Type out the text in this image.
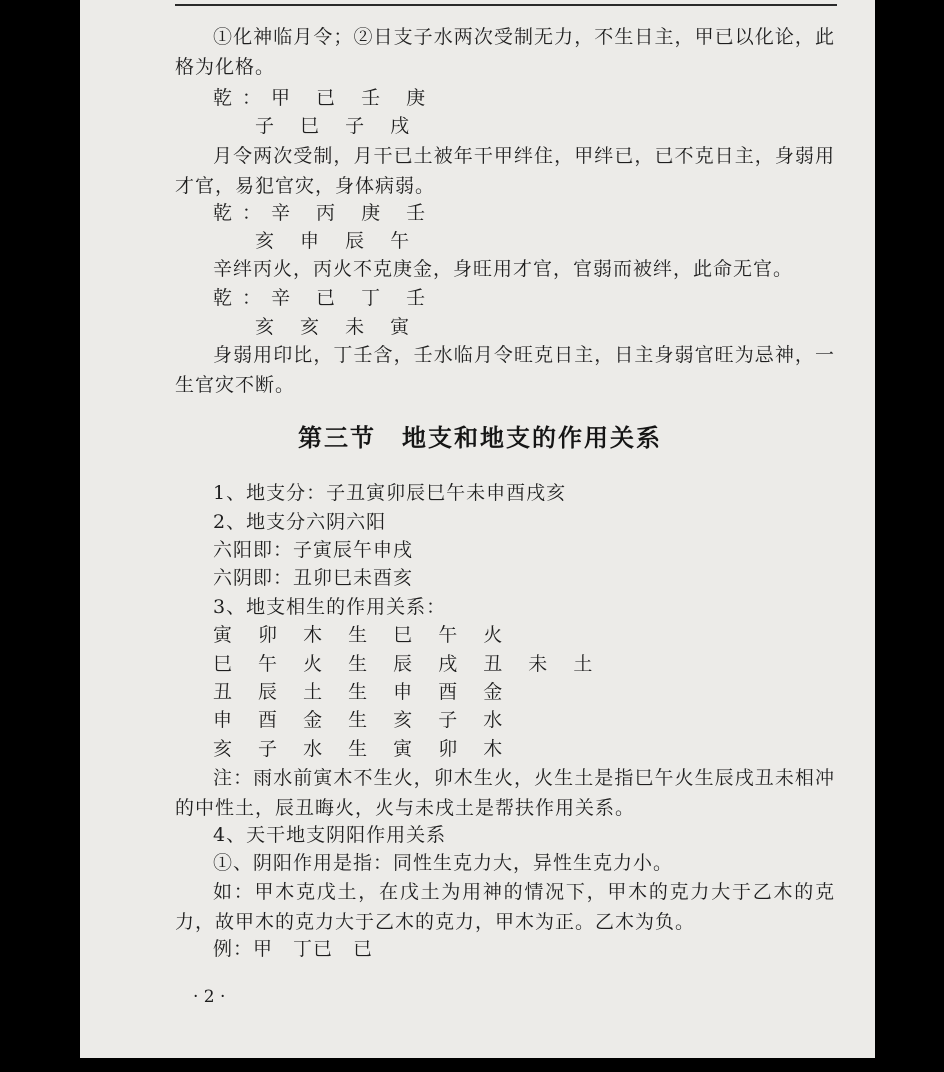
①化神临月令；②日支子水两次受制无力，不生日主，甲已以化论，此格为化格。

乾：甲 已 壬 庚

子 巳 子 戌

月令两次受制，月干已土被年干甲绊住，甲绊已，已不克日主，身弱用才官，易犯官灾，身体病弱。

乾：辛 丙 庚 壬

亥 申 辰 午

辛绊丙火，丙火不克庚金，身旺用才官，官弱而被绊，此命无官。

乾：辛 已 丁 壬

亥 亥 未 寅

身弱用印比，丁壬含，壬水临月令旺克日主，日主身弱官旺为忌神，一生官灾不断。

第三节　地支和地支的作用关系

1、地支分：子丑寅卯辰巳午未申酉戌亥

2、地支分六阴六阳

六阳即：子寅辰午申戌

六阴即：丑卯巳未酉亥

3、地支相生的作用关系：

寅 卯 木 生 巳 午 火

巳 午 火 生 辰 戌 丑 未 土

丑 辰 土 生 申 酉 金

申 酉 金 生 亥 子 水

亥 子 水 生 寅 卯 木

注：雨水前寅木不生火，卯木生火，火生土是指巳午火生辰戌丑未相冲的中性土，辰丑晦火，火与未戌土是帮扶作用关系。

4、天干地支阴阳作用关系

①、阴阳作用是指：同性生克力大，异性生克力小。

如：甲木克戊土，在戊土为用神的情况下，甲木的克力大于乙木的克力，故甲木的克力大于乙木的克力，甲木为正。乙木为负。

例：甲　丁已　已

· 2 ·
